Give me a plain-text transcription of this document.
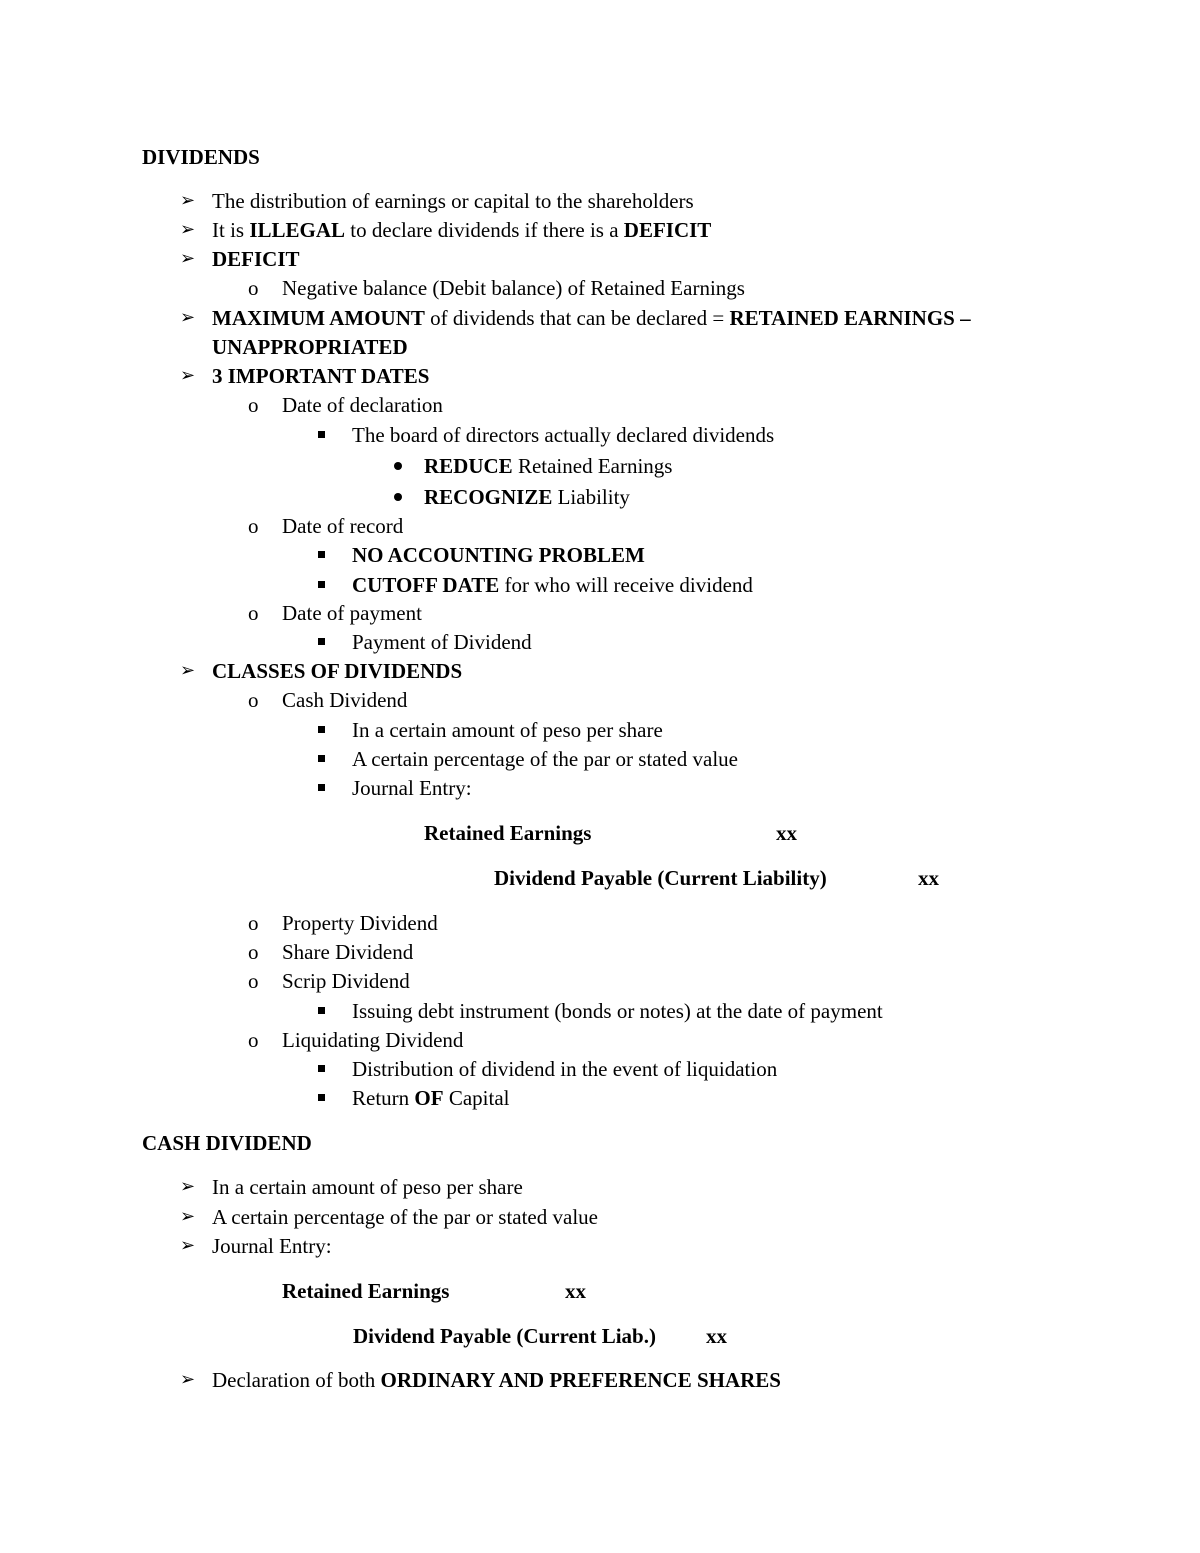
DIVIDENDS
➢ The distribution of earnings or capital to the shareholders
➢ It is ILLEGAL to declare dividends if there is a DEFICIT
➢ DEFICIT
o Negative balance (Debit balance) of Retained Earnings
➢ MAXIMUM AMOUNT of dividends that can be declared = RETAINED EARNINGS –
UNAPPROPRIATED
➢ 3 IMPORTANT DATES
o Date of declaration
The board of directors actually declared dividends
REDUCE Retained Earnings
RECOGNIZE Liability
o Date of record
NO ACCOUNTING PROBLEM
CUTOFF DATE for who will receive dividend
o Date of payment
Payment of Dividend
➢ CLASSES OF DIVIDENDS
o Cash Dividend
In a certain amount of peso per share
A certain percentage of the par or stated value
Journal Entry:
Retained Earnings	xx
Dividend Payable (Current Liability)	xx
o Property Dividend
o Share Dividend
o Scrip Dividend
Issuing debt instrument (bonds or notes) at the date of payment
o Liquidating Dividend
Distribution of dividend in the event of liquidation
Return OF Capital
CASH DIVIDEND
➢ In a certain amount of peso per share
➢ A certain percentage of the par or stated value
➢ Journal Entry:
Retained Earnings	xx
Dividend Payable (Current Liab.) xx
➢ Declaration of both ORDINARY AND PREFERENCE SHARES
